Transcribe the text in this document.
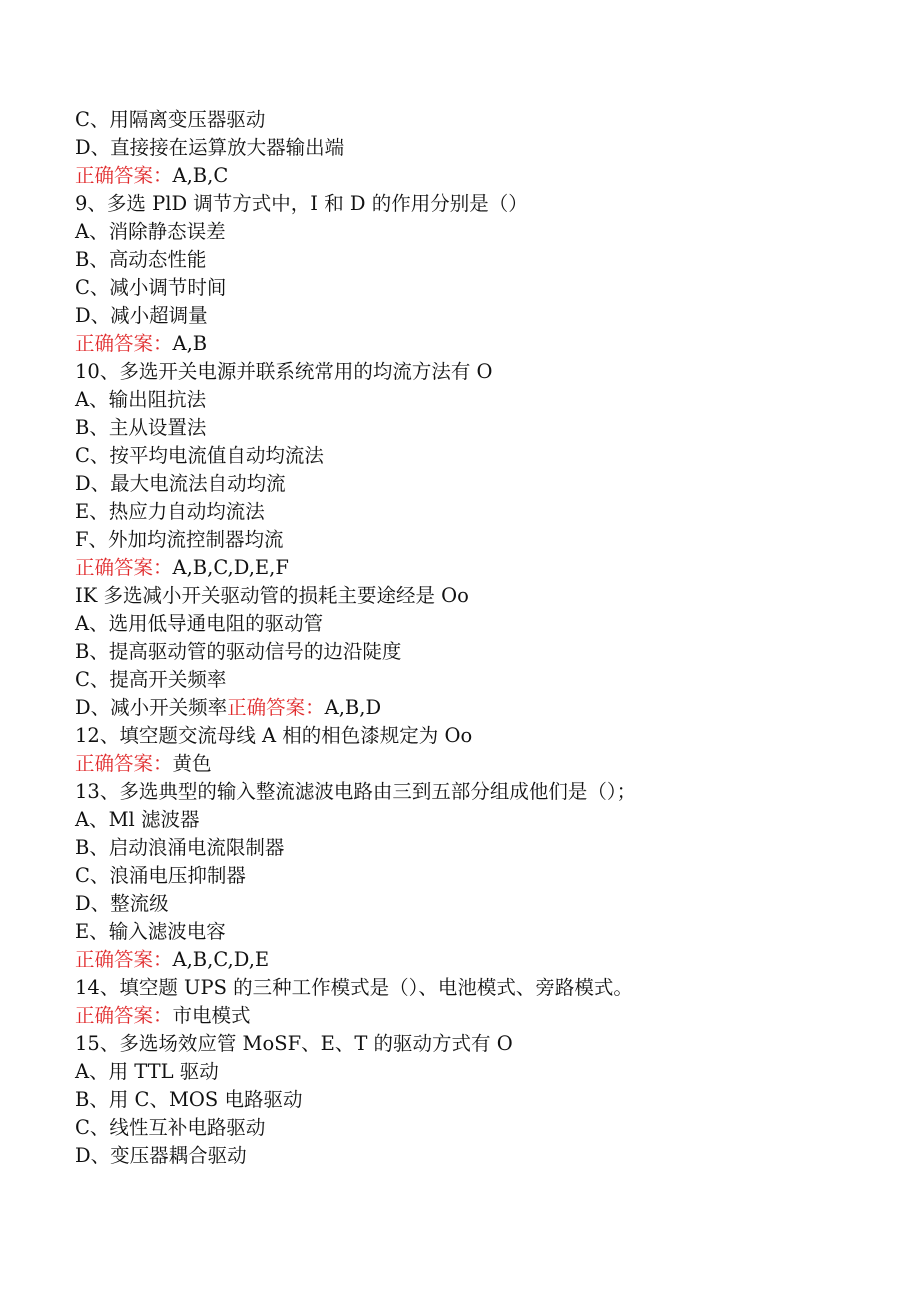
C、用隔离变压器驱动
D、直接接在运算放大器输出端
正确答案：A,B,C
9、多选 PlD 调节方式中，I 和 D 的作用分别是（）
A、消除静态误差
B、高动态性能
C、减小调节时间
D、减小超调量
正确答案：A,B
10、多选开关电源并联系统常用的均流方法有 O
A、输出阻抗法
B、主从设置法
C、按平均电流值自动均流法
D、最大电流法自动均流
E、热应力自动均流法
F、外加均流控制器均流
正确答案：A,B,C,D,E,F
IK 多选减小开关驱动管的损耗主要途经是 Oo
A、选用低导通电阻的驱动管
B、提高驱动管的驱动信号的边沿陡度
C、提高开关频率
D、减小开关频率正确答案：A,B,D
12、填空题交流母线 A 相的相色漆规定为 Oo
正确答案：黄色
13、多选典型的输入整流滤波电路由三到五部分组成他们是（）；
A、Ml 滤波器
B、启动浪涌电流限制器
C、浪涌电压抑制器
D、整流级
E、输入滤波电容
正确答案：A,B,C,D,E
14、填空题 UPS 的三种工作模式是（）、电池模式、旁路模式。
正确答案：市电模式
15、多选场效应管 MoSF、E、T 的驱动方式有 O
A、用 TTL 驱动
B、用 C、MOS 电路驱动
C、线性互补电路驱动
D、变压器耦合驱动
